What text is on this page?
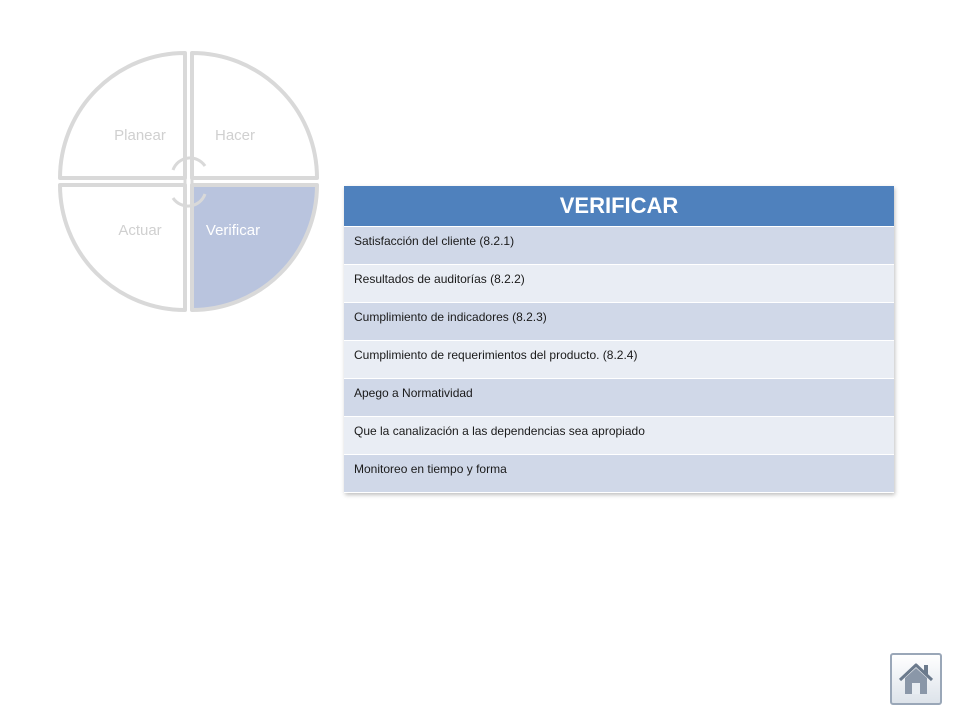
Planear	Hacer
Actuar	Verificar
VERIFICAR
Satisfacción del cliente (8.2.1)
Resultados de auditorías (8.2.2)
Cumplimiento de indicadores (8.2.3)
Cumplimiento de requerimientos del producto. (8.2.4)
Apego a Normatividad
Que la canalización a las dependencias sea apropiado
Monitoreo en tiempo y forma
